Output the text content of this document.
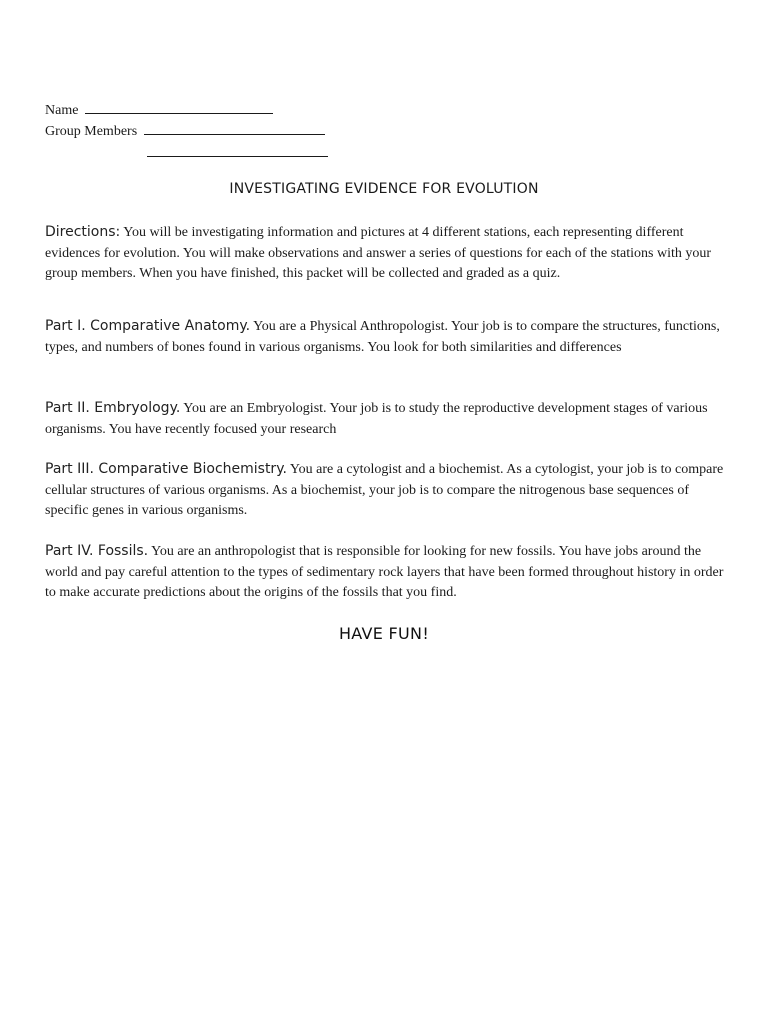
Name
Group Members
INVESTIGATING EVIDENCE FOR EVOLUTION
Directions: You will be investigating information and pictures at 4 different stations, each representing different evidences for evolution. You will make observations and answer a series of questions for each of the stations with your group members. When you have finished, this packet will be collected and graded as a quiz.
Part I. Comparative Anatomy. You are a Physical Anthropologist. Your job is to compare the structures, functions, types, and numbers of bones found in various organisms. You look for both similarities and differences
Part II. Embryology. You are an Embryologist. Your job is to study the reproductive development stages of various organisms. You have recently focused your research
Part III. Comparative Biochemistry. You are a cytologist and a biochemist. As a cytologist, your job is to compare cellular structures of various organisms. As a biochemist, your job is to compare the nitrogenous base sequences of specific genes in various organisms.
Part IV. Fossils. You are an anthropologist that is responsible for looking for new fossils. You have jobs around the world and pay careful attention to the types of sedimentary rock layers that have been formed throughout history in order to make accurate predictions about the origins of the fossils that you find.
HAVE FUN!
